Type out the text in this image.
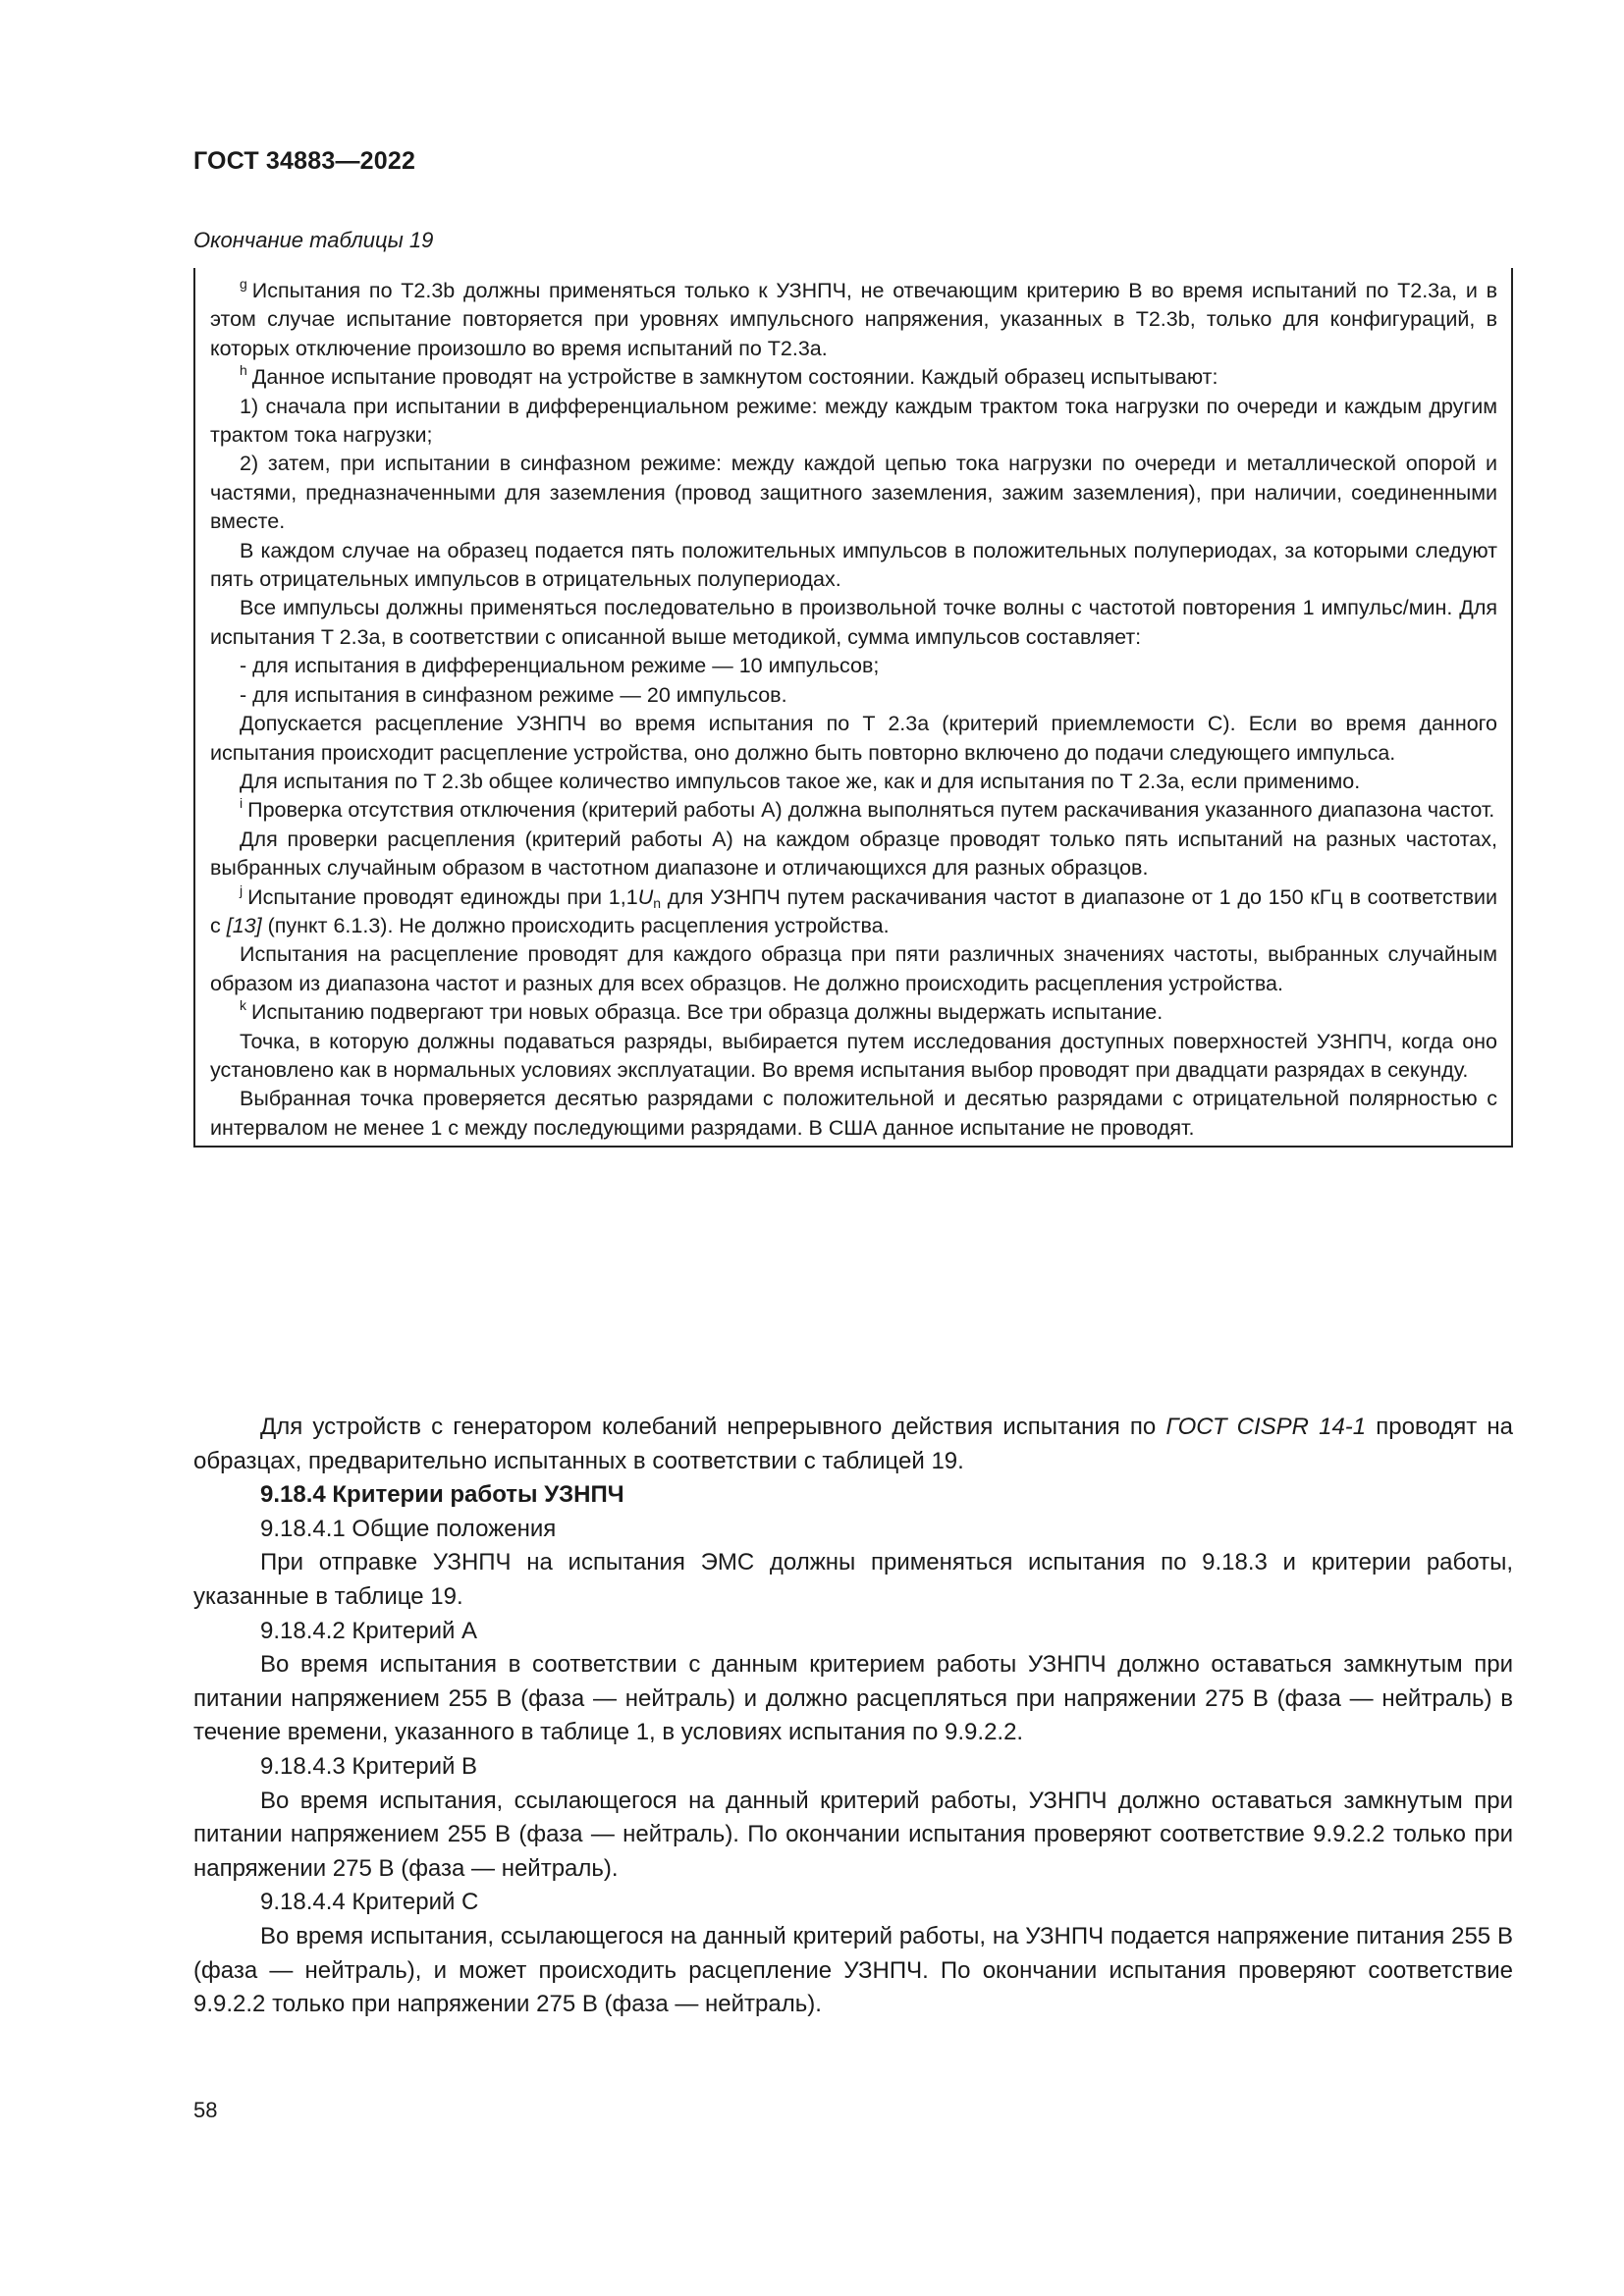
ГОСТ 34883—2022
Окончание таблицы 19

$^g$ Испытания по T2.3b должны применяться только к УЗНПЧ, не отвечающим критерию В во время испытаний по T2.3a, и в этом случае испытание повторяется при уровнях импульсного напряжения, указанных в T2.3b, только для конфигураций, в которых отключение произошло во время испытаний по T2.3a.

$^h$ Данное испытание проводят на устройстве в замкнутом состоянии. Каждый образец испытывают:

1) сначала при испытании в дифференциальном режиме: между каждым трактом тока нагрузки по очереди и каждым другим трактом тока нагрузки;

2) затем, при испытании в синфазном режиме: между каждой цепью тока нагрузки по очереди и металлической опорой и частями, предназначенными для заземления (провод защитного заземления, зажим заземления), при наличии, соединенными вместе.

В каждом случае на образец подается пять положительных импульсов в положительных полупериодах, за которыми следуют пять отрицательных импульсов в отрицательных полупериодах.

Все импульсы должны применяться последовательно в произвольной точке волны с частотой повторения 1 импульс/мин. Для испытания T 2.3a, в соответствии с описанной выше методикой, сумма импульсов составляет:

- для испытания в дифференциальном режиме — 10 импульсов;

- для испытания в синфазном режиме — 20 импульсов.

Допускается расцепление УЗНПЧ во время испытания по T 2.3a (критерий приемлемости С). Если во время данного испытания происходит расцепление устройства, оно должно быть повторно включено до подачи следующего импульса.

Для испытания по T 2.3b общее количество импульсов такое же, как и для испытания по T 2.3a, если применимо.

$^i$ Проверка отсутствия отключения (критерий работы А) должна выполняться путем раскачивания указанного диапазона частот.

Для проверки расцепления (критерий работы А) на каждом образце проводят только пять испытаний на разных частотах, выбранных случайным образом в частотном диапазоне и отличающихся для разных образцов.

$^j$ Испытание проводят единожды при $1,1U_n$ для УЗНПЧ путем раскачивания частот в диапазоне от 1 до 150 кГц в соответствии с [13] (пункт 6.1.3). Не должно происходить расцепления устройства.

Испытания на расцепление проводят для каждого образца при пяти различных значениях частоты, выбранных случайным образом из диапазона частот и разных для всех образцов. Не должно происходить расцепления устройства.

$^k$ Испытанию подвергают три новых образца. Все три образца должны выдержать испытание.

Точка, в которую должны подаваться разряды, выбирается путем исследования доступных поверхностей УЗНПЧ, когда оно установлено как в нормальных условиях эксплуатации. Во время испытания выбор проводят при двадцати разрядах в секунду.

Выбранная точка проверяется десятью разрядами с положительной и десятью разрядами с отрицательной полярностью с интервалом не менее 1 с между последующими разрядами. В США данное испытание не проводят.

Для устройств с генератором колебаний непрерывного действия испытания по ГОСТ CISPR 14-1 проводят на образцах, предварительно испытанных в соответствии с таблицей 19.

9.18.4 Критерии работы УЗНПЧ

9.18.4.1 Общие положения

При отправке УЗНПЧ на испытания ЭМС должны применяться испытания по 9.18.3 и критерии работы, указанные в таблице 19.

9.18.4.2 Критерий А

Во время испытания в соответствии с данным критерием работы УЗНПЧ должно оставаться замкнутым при питании напряжением 255 В (фаза — нейтраль) и должно расцепляться при напряжении 275 В (фаза — нейтраль) в течение времени, указанного в таблице 1, в условиях испытания по 9.9.2.2.

9.18.4.3 Критерий В

Во время испытания, ссылающегося на данный критерий работы, УЗНПЧ должно оставаться замкнутым при питании напряжением 255 В (фаза — нейтраль). По окончании испытания проверяют соответствие 9.9.2.2 только при напряжении 275 В (фаза — нейтраль).

9.18.4.4 Критерий С

Во время испытания, ссылающегося на данный критерий работы, на УЗНПЧ подается напряжение питания 255 В (фаза — нейтраль), и может происходить расцепление УЗНПЧ. По окончании испытания проверяют соответствие 9.9.2.2 только при напряжении 275 В (фаза — нейтраль).

58
